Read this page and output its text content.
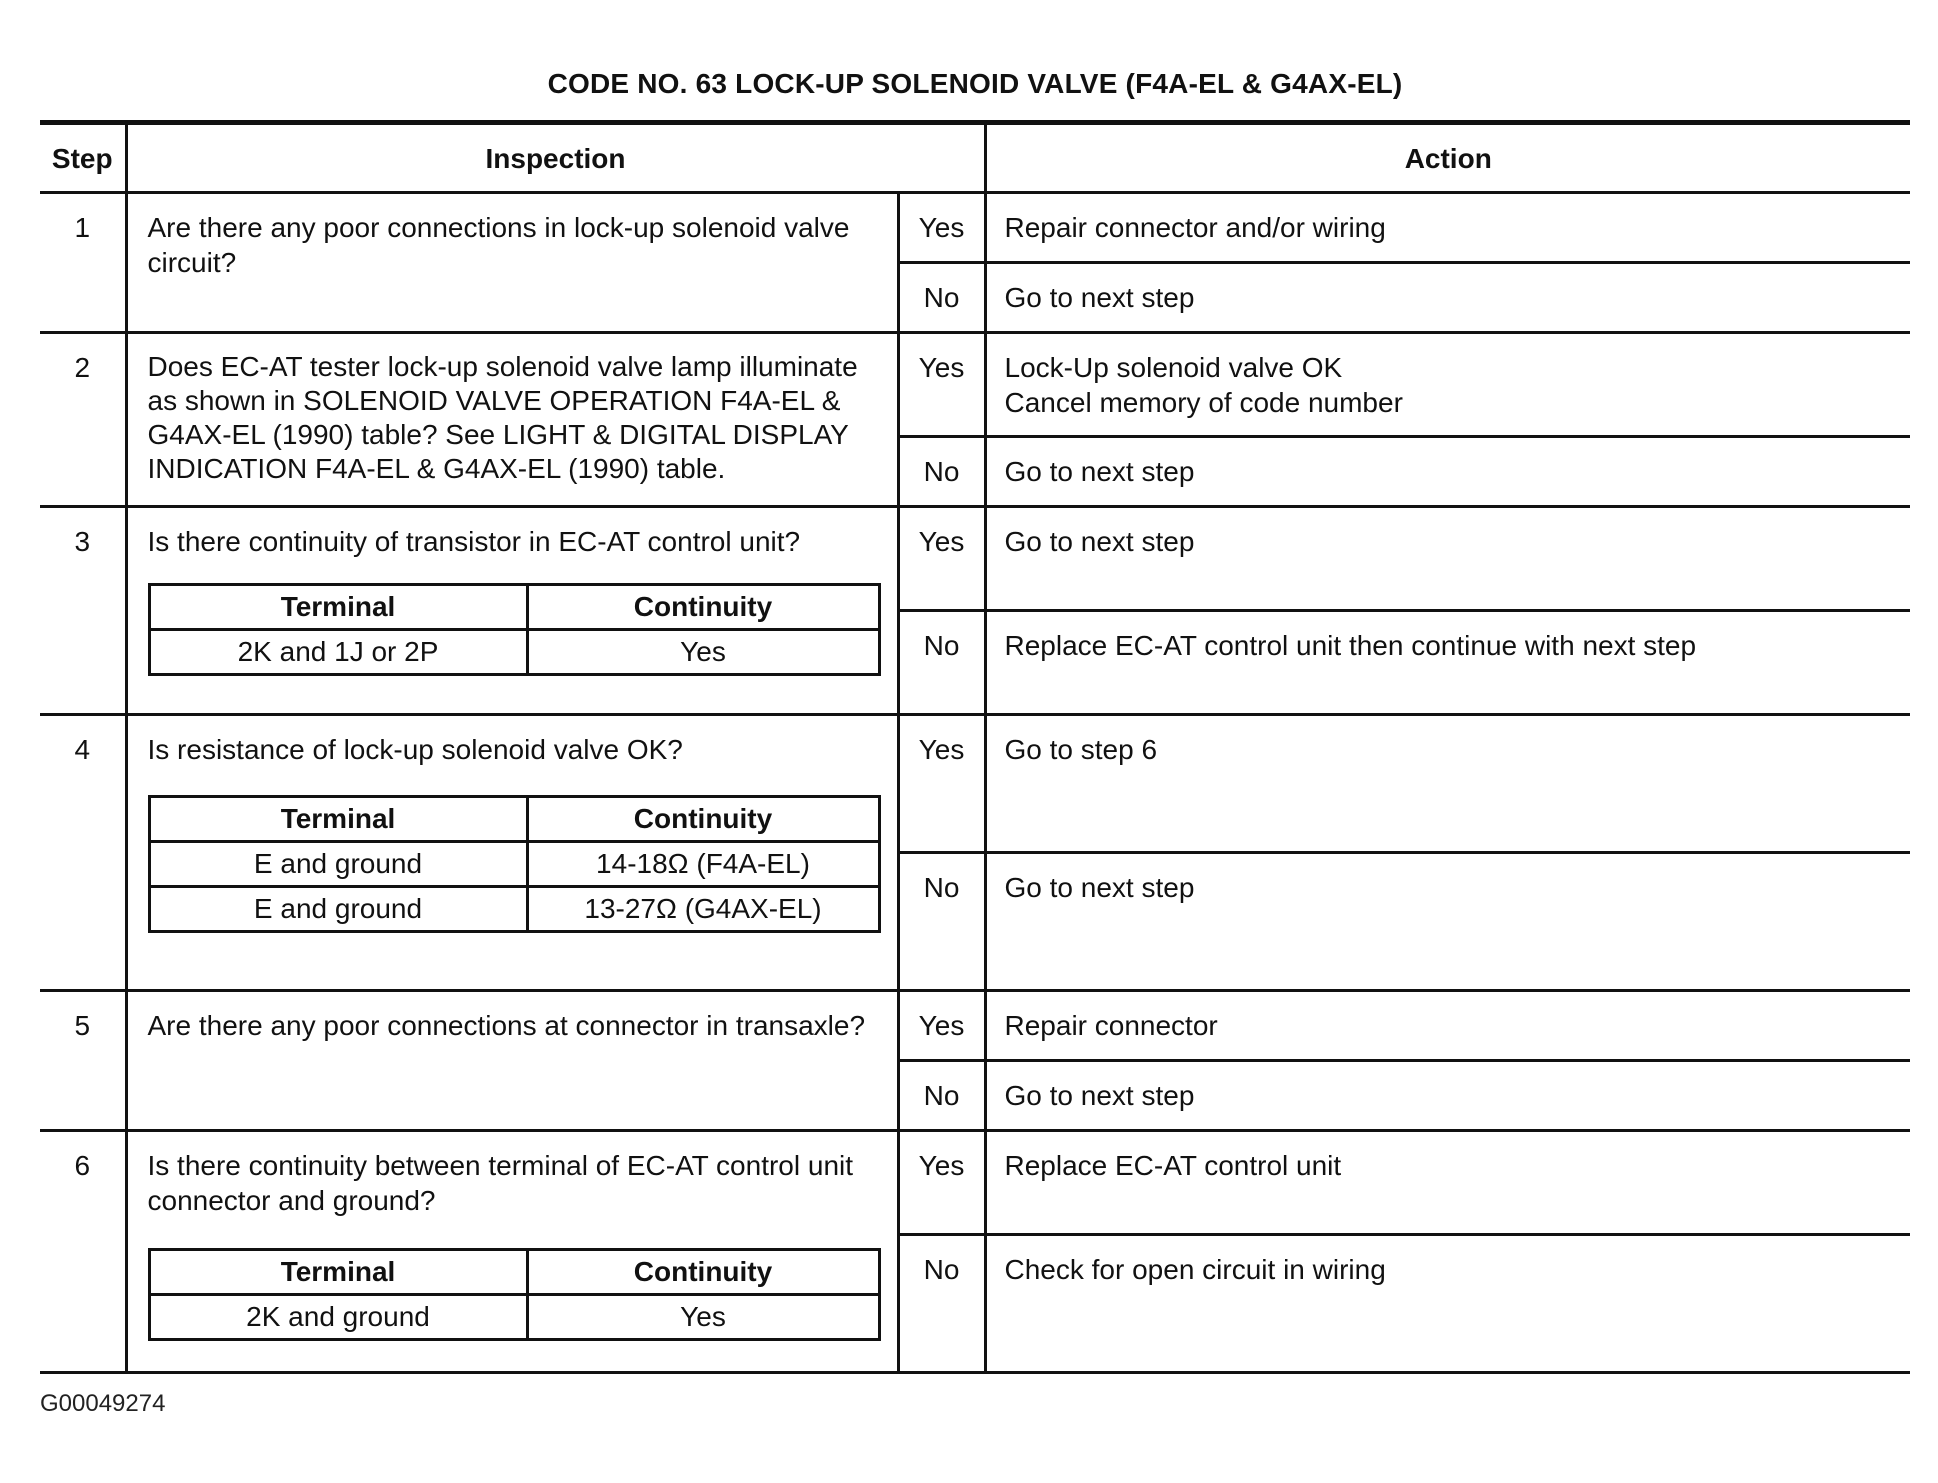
CODE NO. 63 LOCK-UP SOLENOID VALVE (F4A-EL & G4AX-EL)
Step	Inspection	Action
1	Are there any poor connections in lock-up solenoid valve circuit?	Yes	Repair connector and/or wiring
No	Go to next step
2	Does EC-AT tester lock-up solenoid valve lamp illuminate as shown in SOLENOID VALVE OPERATION F4A-EL & G4AX-EL (1990) table? See LIGHT & DIGITAL DISPLAY INDICATION F4A-EL & G4AX-EL (1990) table.	Yes	Lock-Up solenoid valve OK
Cancel memory of code number

No	Go to next step
3	Is there continuity of transistor in EC-AT control unit?
Terminal	Continuity
2K and 1J or 2P	Yes
	Yes	Go to next step
No	Replace EC-AT control unit then continue with next step
4	Is resistance of lock-up solenoid valve OK?
Terminal	Continuity
E and ground	14-18Ω (F4A-EL)
E and ground	13-27Ω (G4AX-EL)
	Yes	Go to step 6
No	Go to next step
5	Are there any poor connections at connector in transaxle?	Yes	Repair connector
No	Go to next step
6	Is there continuity between terminal of EC-AT control unit connector and ground?
Terminal	Continuity
2K and ground	Yes
	Yes	Replace EC-AT control unit
No	Check for open circuit in wiring
G00049274
